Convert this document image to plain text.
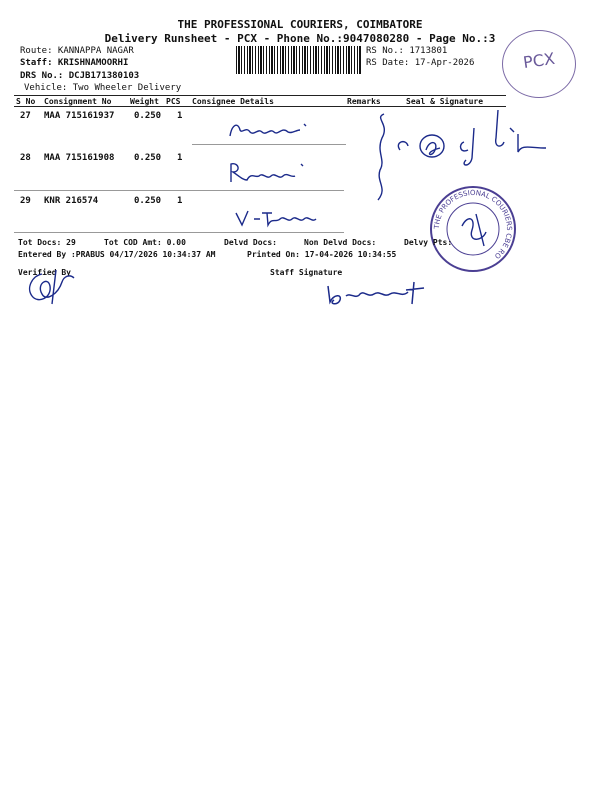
THE PROFESSIONAL COURIERS, COIMBATORE
Delivery Runsheet - PCX - Phone No.:9047080280 - Page No.:3
Route: KANNAPPA NAGAR
Staff: KRISHNAMOORHI
DRS No.: DCJB171380103
Vehicle: Two Wheeler Delivery
RS No.: 1713801
RS Date: 17-Apr-2026	PCX
S No Consignment No Weight PCS Consignee Details	Remarks	Seal & Signature
27 MAA 715161937 0.250 1
28 MAA 715161908 0.250 1
29 KNR 216574	0.250 1
THE PROFESSIONAL COURIERS CBE RO
Tot Docs: 29	Tot COD Amt: 0.00	Delvd Docs:	Non Delvd Docs:	Delvy Pts:
Entered By :PRABUS 04/17/2026 10:34:37 AM	Printed On: 17-04-2026 10:34:55
Verified By	Staff Signature
